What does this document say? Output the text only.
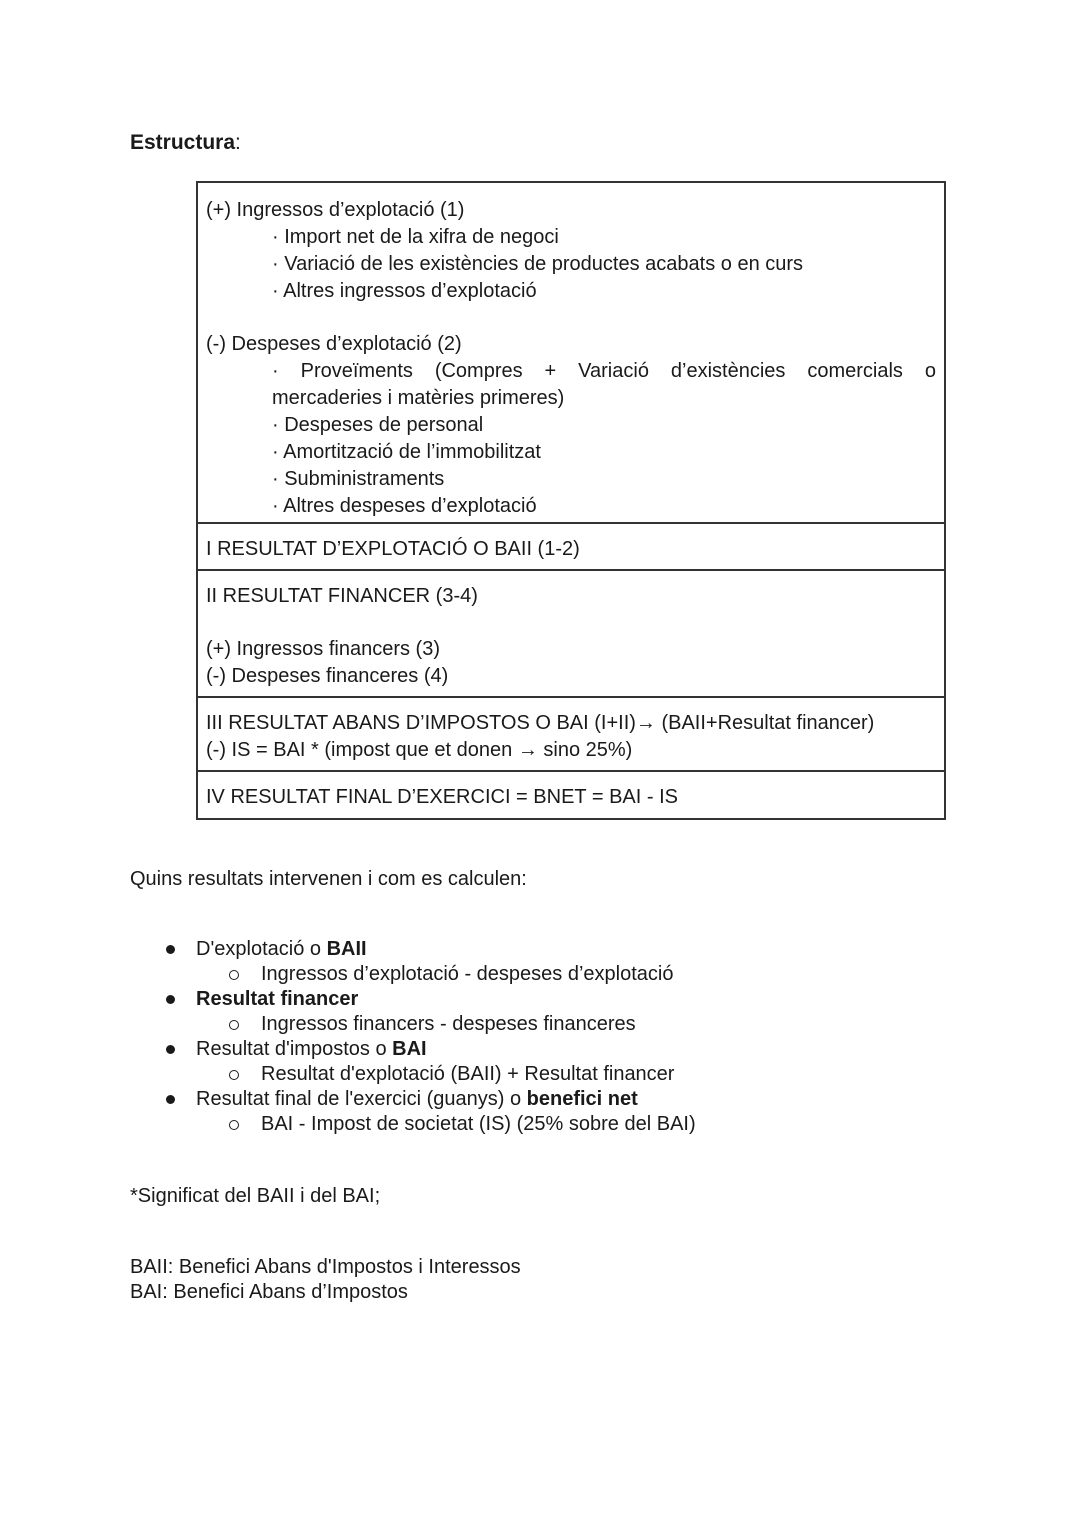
Estructura:
(+) Ingressos d’explotació (1)
· Import net de la xifra de negoci
· Variació de les existències de productes acabats o en curs
· Altres ingressos d’explotació
(-) Despeses d’explotació (2)
· Proveïments (Compres + Variació d’existències comercials o
mercaderies i matèries primeres)
· Despeses de personal
· Amortització de l’immobilitzat
· Subministraments
· Altres despeses d’explotació
I RESULTAT D’EXPLOTACIÓ O BAII (1-2)
II RESULTAT FINANCER (3-4)
(+) Ingressos financers (3)
(-) Despeses financeres (4)
III RESULTAT ABANS D’IMPOSTOS O BAI (I+II)→ (BAII+Resultat financer)
(-) IS = BAI * (impost que et donen → sino 25%)
IV RESULTAT FINAL D’EXERCICI = BNET = BAI - IS
Quins resultats intervenen i com es calculen:
D'explotació o BAII
Ingressos d’explotació - despeses d’explotació
Resultat financer
Ingressos financers - despeses financeres
Resultat d'impostos o BAI
Resultat d'explotació (BAII) + Resultat financer
Resultat final de l'exercici (guanys) o benefici net
BAI - Impost de societat (IS) (25% sobre del BAI)
*Significat del BAII i del BAI;
BAII: Benefici Abans d'Impostos i Interessos
BAI: Benefici Abans d’Impostos
